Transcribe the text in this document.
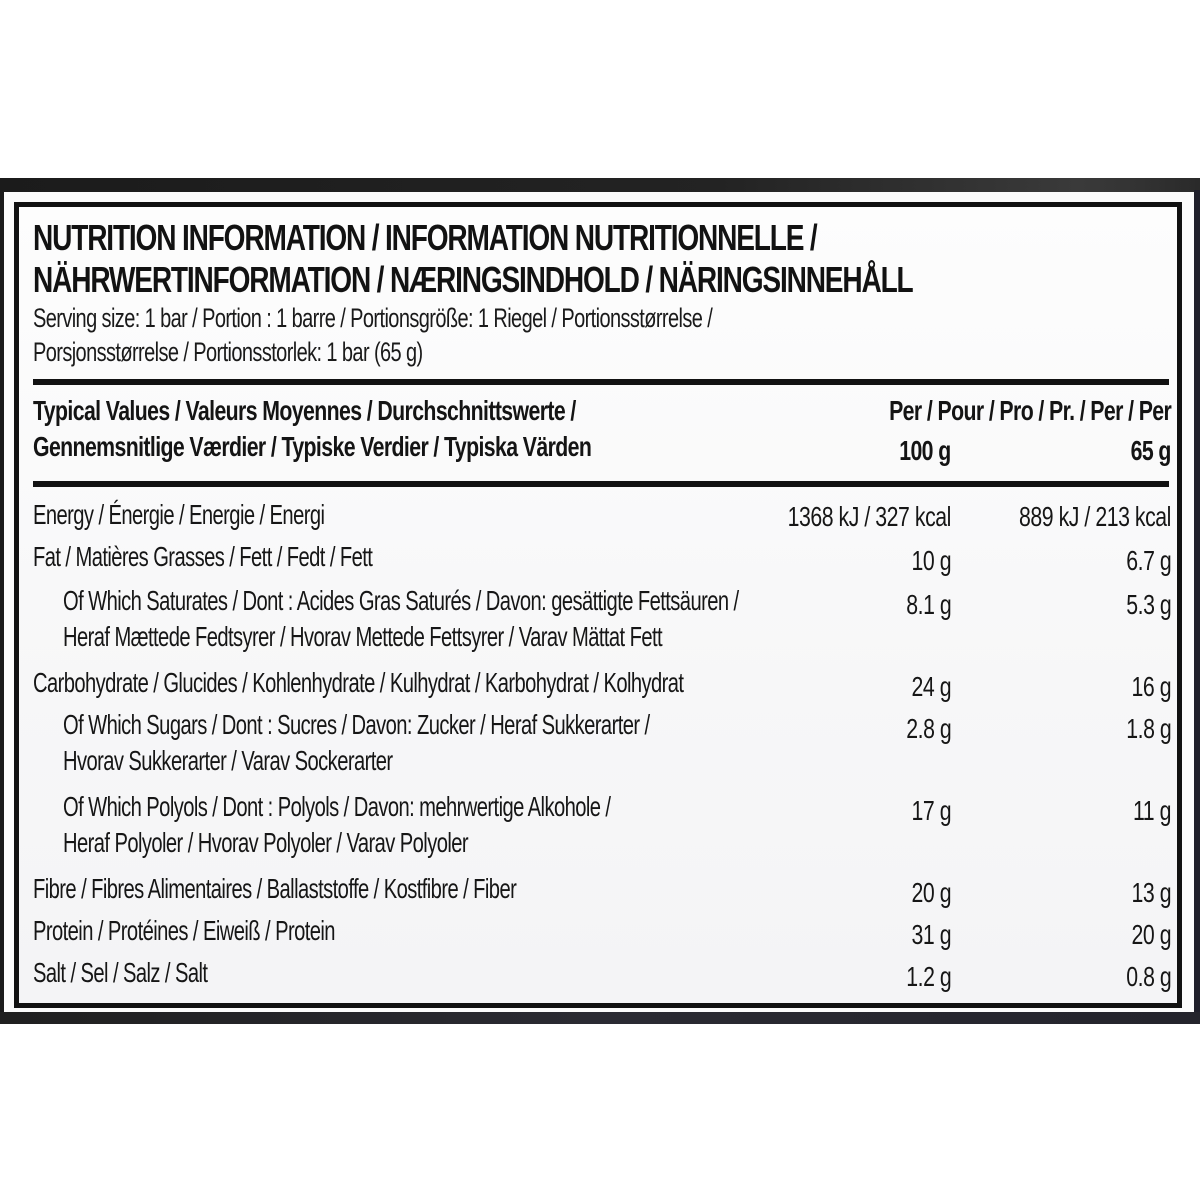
NUTRITION INFORMATION / INFORMATION NUTRITIONNELLE /
NÄHRWERTINFORMATION / NÆRINGSINDHOLD / NÄRINGSINNEHÅLL
Serving size: 1 bar / Portion : 1 barre / Portionsgröße: 1 Riegel / Portionsstørrelse /
Porsjonsstørrelse / Portionsstorlek: 1 bar (65 g)
Typical Values / Valeurs Moyennes / Durchschnittswerte /
Gennemsnitlige Værdier / Typiske Verdier / Typiska Värden
Per / Pour / Pro / Pr. / Per / Per
100 g	65 g
Energy / Énergie / Energie / Energi	1368 kJ / 327 kcal	889 kJ / 213 kcal
Fat / Matières Grasses / Fett / Fedt / Fett	10 g	6.7 g
Of Which Saturates / Dont : Acides Gras Saturés / Davon: gesättigte Fettsäuren /
Heraf Mættede Fedtsyrer / Hvorav Mettede Fettsyrer / Varav Mättat Fett
8.1 g	5.3 g
Carbohydrate / Glucides / Kohlenhydrate / Kulhydrat / Karbohydrat / Kolhydrat	24 g	16 g
Of Which Sugars / Dont : Sucres / Davon: Zucker / Heraf Sukkerarter /
Hvorav Sukkerarter / Varav Sockerarter
2.8 g	1.8 g
Of Which Polyols / Dont : Polyols / Davon: mehrwertige Alkohole /
Heraf Polyoler / Hvorav Polyoler / Varav Polyoler
17 g	11 g
Fibre / Fibres Alimentaires / Ballaststoffe / Kostfibre / Fiber	20 g	13 g
Protein / Protéines / Eiweiß / Protein	31 g	20 g
Salt / Sel / Salz / Salt	1.2 g	0.8 g
